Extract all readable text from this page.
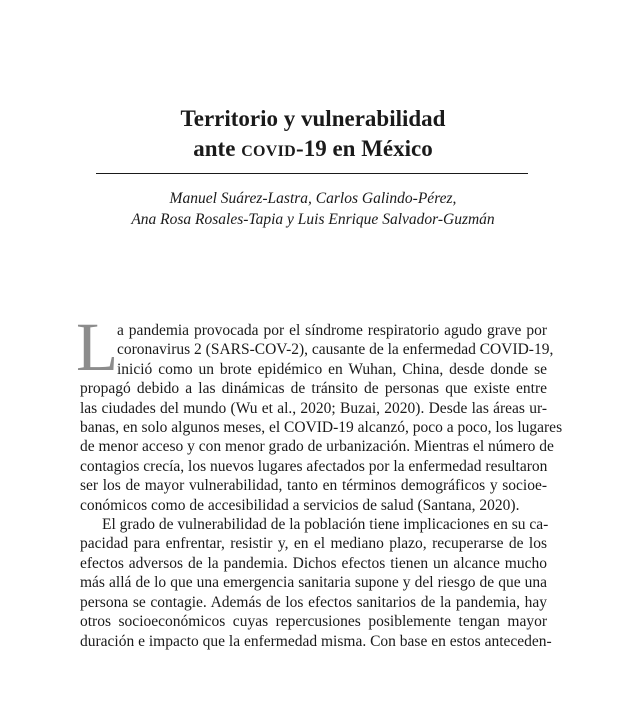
Territorio y vulnerabilidad
ante covid-19 en México
Manuel Suárez-Lastra, Carlos Galindo-Pérez,
Ana Rosa Rosales-Tapia y Luis Enrique Salvador-Guzmán
L
a pandemia provocada por el síndrome respiratorio agudo grave por
coronavirus 2 (SARS-COV-2), causante de la enfermedad COVID-19,
inició como un brote epidémico en Wuhan, China, desde donde se
propagó debido a las dinámicas de tránsito de personas que existe entre
las ciudades del mundo (Wu et al., 2020; Buzai, 2020). Desde las áreas ur-
banas, en solo algunos meses, el COVID-19 alcanzó, poco a poco, los lugares
de menor acceso y con menor grado de urbanización. Mientras el número de
contagios crecía, los nuevos lugares afectados por la enfermedad resultaron
ser los de mayor vulnerabilidad, tanto en términos demográficos y socioe-
conómicos como de accesibilidad a servicios de salud (Santana, 2020).
El grado de vulnerabilidad de la población tiene implicaciones en su ca-
pacidad para enfrentar, resistir y, en el mediano plazo, recuperarse de los
efectos adversos de la pandemia. Dichos efectos tienen un alcance mucho
más allá de lo que una emergencia sanitaria supone y del riesgo de que una
persona se contagie. Además de los efectos sanitarios de la pandemia, hay
otros socioeconómicos cuyas repercusiones posiblemente tengan mayor
duración e impacto que la enfermedad misma. Con base en estos anteceden-
